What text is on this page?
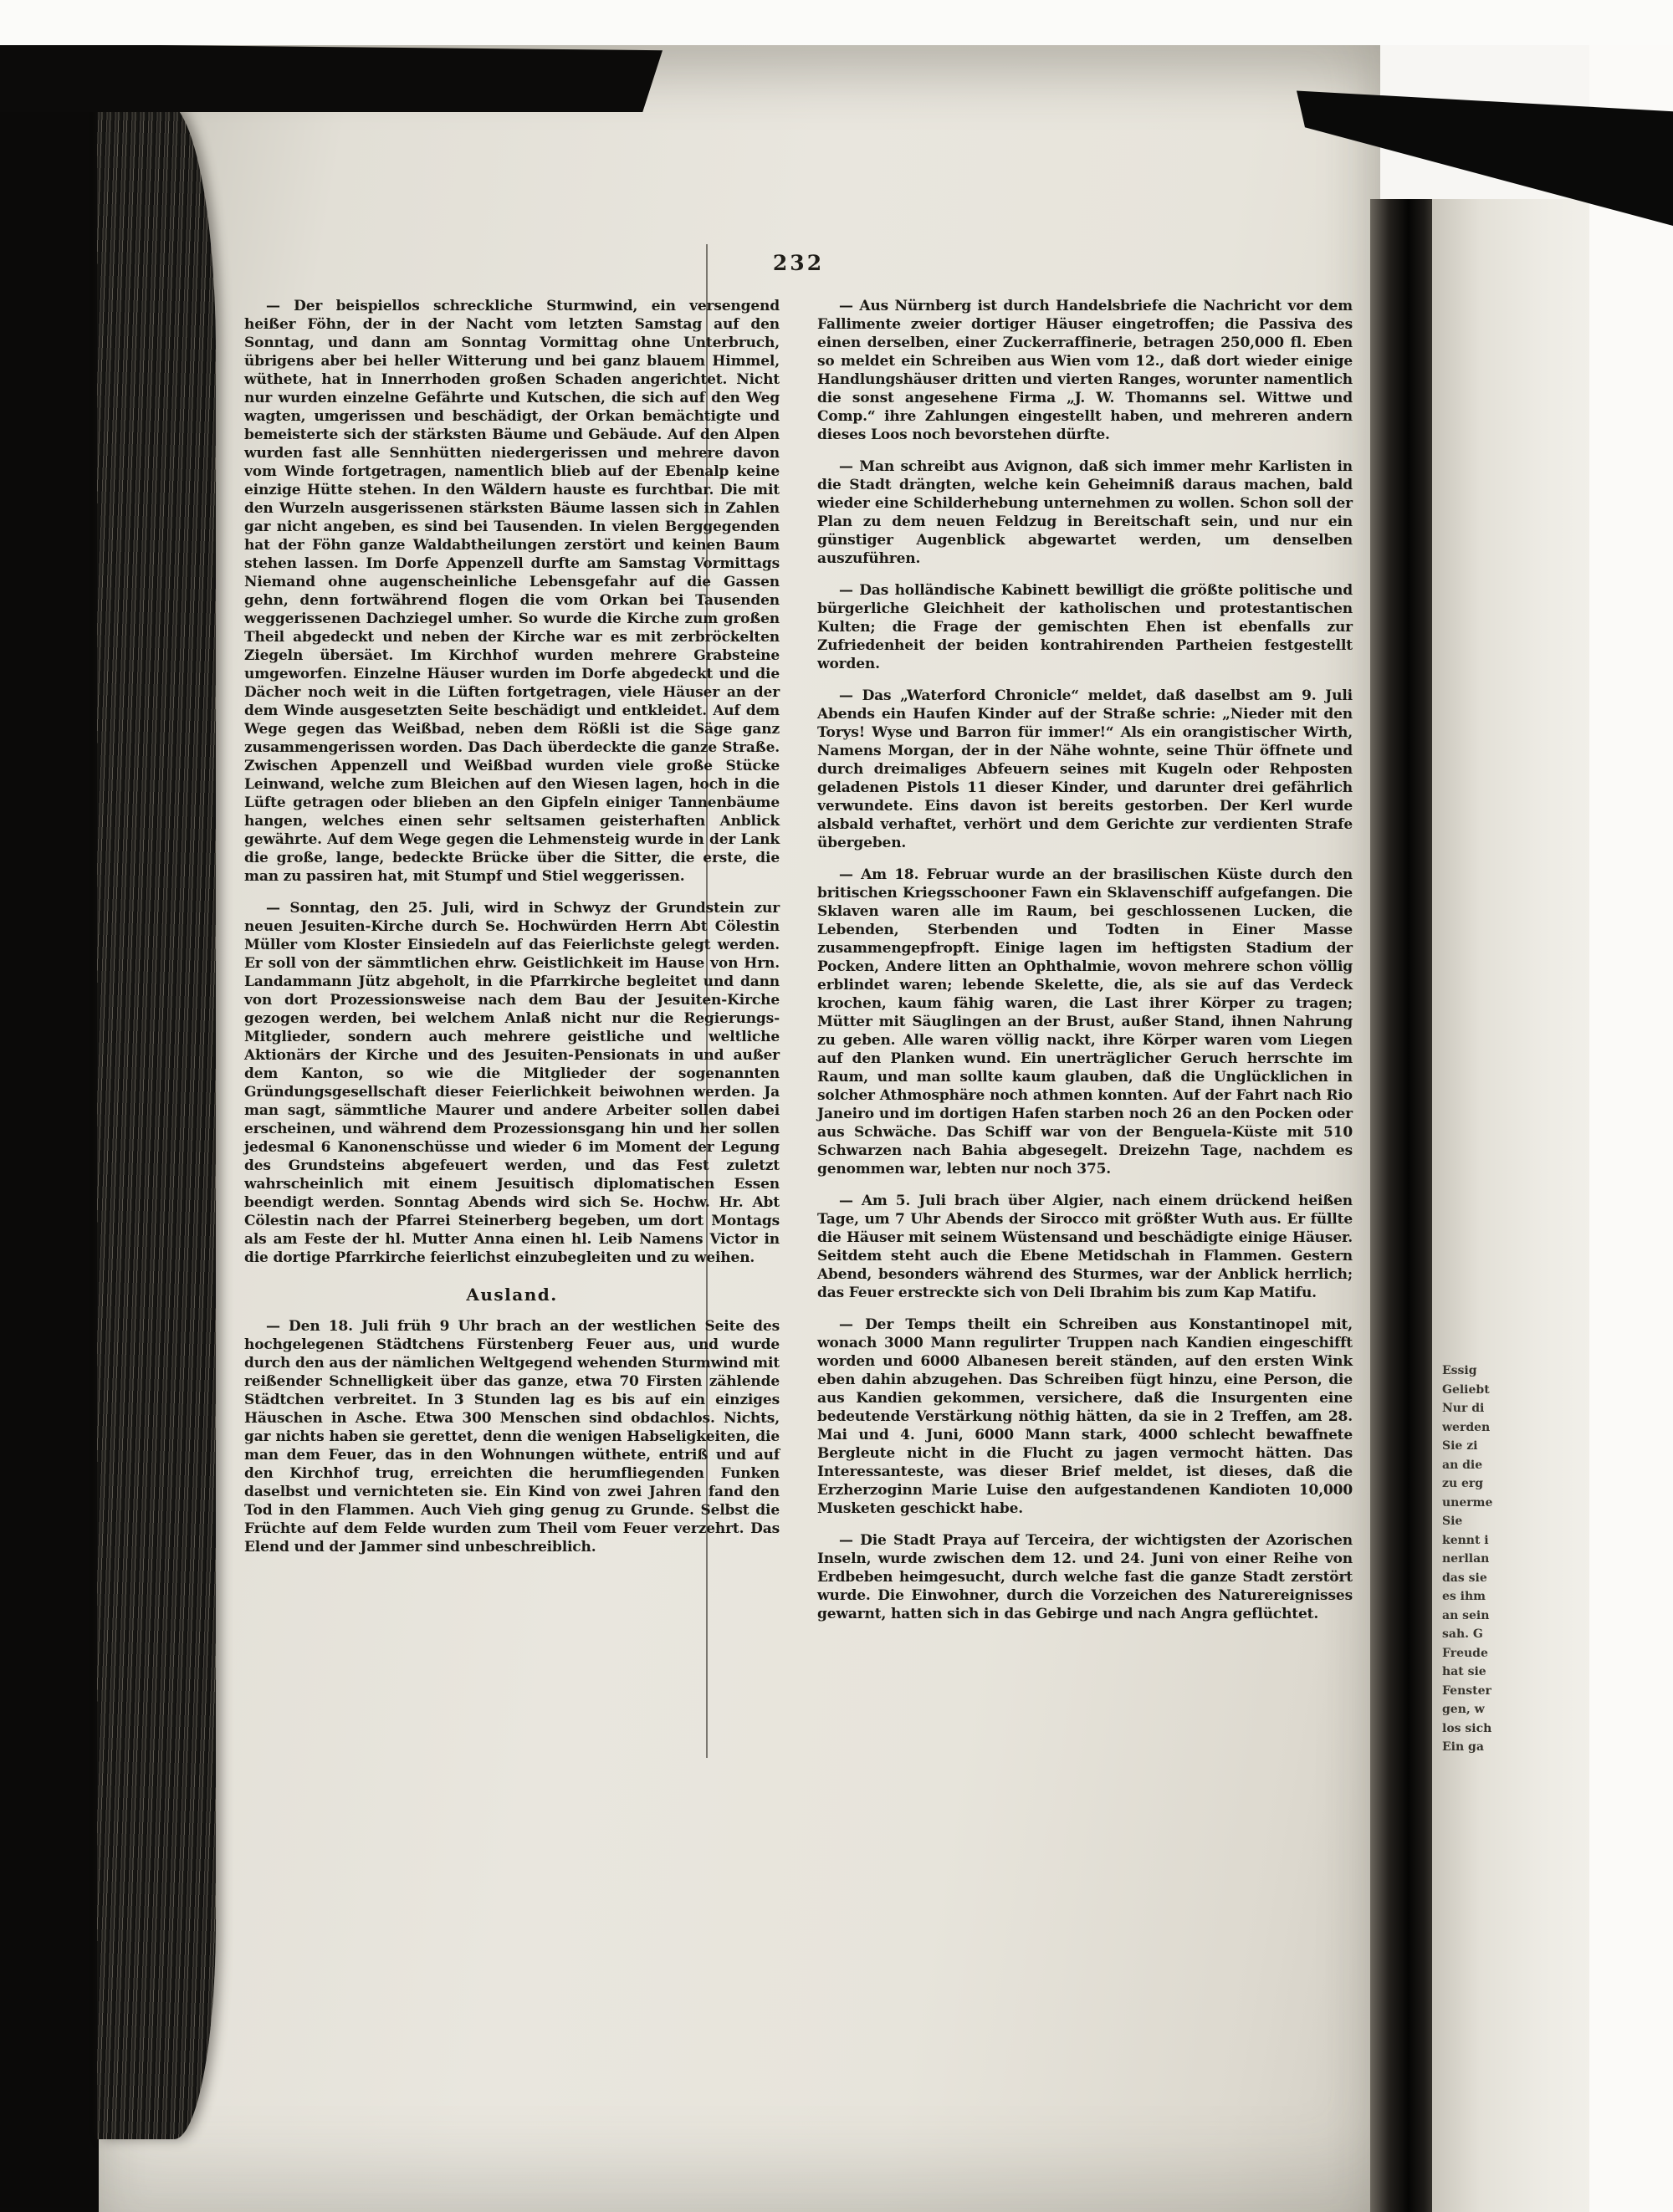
232

— Der beispiellos schreckliche Sturmwind, ein versengend heißer Föhn, der in der Nacht vom letzten Samstag auf den Sonntag, und dann am Sonntag Vormittag ohne Unterbruch, übrigens aber bei heller Witterung und bei ganz blauem Himmel, wüthete, hat in Innerrhoden großen Schaden angerichtet. Nicht nur wurden einzelne Gefährte und Kutschen, die sich auf den Weg wagten, umgerissen und beschädigt, der Orkan bemächtigte und bemeisterte sich der stärksten Bäume und Gebäude. Auf den Alpen wurden fast alle Sennhütten niedergerissen und mehrere davon vom Winde fortgetragen, namentlich blieb auf der Ebenalp keine einzige Hütte stehen. In den Wäldern hauste es furchtbar. Die mit den Wurzeln ausgerissenen stärksten Bäume lassen sich in Zahlen gar nicht angeben, es sind bei Tausenden. In vielen Berggegenden hat der Föhn ganze Waldabtheilungen zerstört und keinen Baum stehen lassen. Im Dorfe Appenzell durfte am Samstag Vormittags Niemand ohne augenscheinliche Lebensgefahr auf die Gassen gehn, denn fortwährend flogen die vom Orkan bei Tausenden weggerissenen Dachziegel umher. So wurde die Kirche zum großen Theil abgedeckt und neben der Kirche war es mit zerbröckelten Ziegeln übersäet. Im Kirchhof wurden mehrere Grabsteine umgeworfen. Einzelne Häuser wurden im Dorfe abgedeckt und die Dächer noch weit in die Lüften fortgetragen, viele Häuser an der dem Winde ausgesetzten Seite beschädigt und entkleidet. Auf dem Wege gegen das Weißbad, neben dem Rößli ist die Säge ganz zusammengerissen worden. Das Dach überdeckte die ganze Straße. Zwischen Appenzell und Weißbad wurden viele große Stücke Leinwand, welche zum Bleichen auf den Wiesen lagen, hoch in die Lüfte getragen oder blieben an den Gipfeln einiger Tannenbäume hangen, welches einen sehr seltsamen geisterhaften Anblick gewährte. Auf dem Wege gegen die Lehmensteig wurde in der Lank die große, lange, bedeckte Brücke über die Sitter, die erste, die man zu passiren hat, mit Stumpf und Stiel weggerissen.

— Sonntag, den 25. Juli, wird in Schwyz der Grundstein zur neuen Jesuiten-Kirche durch Se. Hochwürden Herrn Abt Cölestin Müller vom Kloster Einsiedeln auf das Feierlichste gelegt werden. Er soll von der sämmtlichen ehrw. Geistlichkeit im Hause von Hrn. Landammann Jütz abgeholt, in die Pfarrkirche begleitet und dann von dort Prozessionsweise nach dem Bau der Jesuiten-Kirche gezogen werden, bei welchem Anlaß nicht nur die Regierungs-Mitglieder, sondern auch mehrere geistliche und weltliche Aktionärs der Kirche und des Jesuiten-Pensionats in und außer dem Kanton, so wie die Mitglieder der sogenannten Gründungsgesellschaft dieser Feierlichkeit beiwohnen werden. Ja man sagt, sämmtliche Maurer und andere Arbeiter sollen dabei erscheinen, und während dem Prozessionsgang hin und her sollen jedesmal 6 Kanonenschüsse und wieder 6 im Moment der Legung des Grundsteins abgefeuert werden, und das Fest zuletzt wahrscheinlich mit einem Jesuitisch diplomatischen Essen beendigt werden. Sonntag Abends wird sich Se. Hochw. Hr. Abt Cölestin nach der Pfarrei Steinerberg begeben, um dort Montags als am Feste der hl. Mutter Anna einen hl. Leib Namens Victor in die dortige Pfarrkirche feierlichst einzubegleiten und zu weihen.

Ausland.

— Den 18. Juli früh 9 Uhr brach an der westlichen Seite des hochgelegenen Städtchens Fürstenberg Feuer aus, und wurde durch den aus der nämlichen Weltgegend wehenden Sturmwind mit reißender Schnelligkeit über das ganze, etwa 70 Firsten zählende Städtchen verbreitet. In 3 Stunden lag es bis auf ein einziges Häuschen in Asche. Etwa 300 Menschen sind obdachlos. Nichts, gar nichts haben sie gerettet, denn die wenigen Habseligkeiten, die man dem Feuer, das in den Wohnungen wüthete, entriß und auf den Kirchhof trug, erreichten die herumfliegenden Funken daselbst und vernichteten sie. Ein Kind von zwei Jahren fand den Tod in den Flammen. Auch Vieh ging genug zu Grunde. Selbst die Früchte auf dem Felde wurden zum Theil vom Feuer verzehrt. Das Elend und der Jammer sind unbeschreiblich.

— Aus Nürnberg ist durch Handelsbriefe die Nachricht vor dem Fallimente zweier dortiger Häuser eingetroffen; die Passiva des einen derselben, einer Zuckerraffinerie, betragen 250,000 fl. Eben so meldet ein Schreiben aus Wien vom 12., daß dort wieder einige Handlungshäuser dritten und vierten Ranges, worunter namentlich die sonst angesehene Firma „J. W. Thomanns sel. Wittwe und Comp.“ ihre Zahlungen eingestellt haben, und mehreren andern dieses Loos noch bevorstehen dürfte.

— Man schreibt aus Avignon, daß sich immer mehr Karlisten in die Stadt drängten, welche kein Geheimniß daraus machen, bald wieder eine Schilderhebung unternehmen zu wollen. Schon soll der Plan zu dem neuen Feldzug in Bereitschaft sein, und nur ein günstiger Augenblick abgewartet werden, um denselben auszuführen.

— Das holländische Kabinett bewilligt die größte politische und bürgerliche Gleichheit der katholischen und protestantischen Kulten; die Frage der gemischten Ehen ist ebenfalls zur Zufriedenheit der beiden kontrahirenden Partheien festgestellt worden.

— Das „Waterford Chronicle“ meldet, daß daselbst am 9. Juli Abends ein Haufen Kinder auf der Straße schrie: „Nieder mit den Torys! Wyse und Barron für immer!“ Als ein orangistischer Wirth, Namens Morgan, der in der Nähe wohnte, seine Thür öffnete und durch dreimaliges Abfeuern seines mit Kugeln oder Rehposten geladenen Pistols 11 dieser Kinder, und darunter drei gefährlich verwundete. Eins davon ist bereits gestorben. Der Kerl wurde alsbald verhaftet, verhört und dem Gerichte zur verdienten Strafe übergeben.

— Am 18. Februar wurde an der brasilischen Küste durch den britischen Kriegsschooner Fawn ein Sklavenschiff aufgefangen. Die Sklaven waren alle im Raum, bei geschlossenen Lucken, die Lebenden, Sterbenden und Todten in Einer Masse zusammengepfropft. Einige lagen im heftigsten Stadium der Pocken, Andere litten an Ophthalmie, wovon mehrere schon völlig erblindet waren; lebende Skelette, die, als sie auf das Verdeck krochen, kaum fähig waren, die Last ihrer Körper zu tragen; Mütter mit Säuglingen an der Brust, außer Stand, ihnen Nahrung zu geben. Alle waren völlig nackt, ihre Körper waren vom Liegen auf den Planken wund. Ein unerträglicher Geruch herrschte im Raum, und man sollte kaum glauben, daß die Unglücklichen in solcher Athmosphäre noch athmen konnten. Auf der Fahrt nach Rio Janeiro und im dortigen Hafen starben noch 26 an den Pocken oder aus Schwäche. Das Schiff war von der Benguela-Küste mit 510 Schwarzen nach Bahia abgesegelt. Dreizehn Tage, nachdem es genommen war, lebten nur noch 375.

— Am 5. Juli brach über Algier, nach einem drückend heißen Tage, um 7 Uhr Abends der Sirocco mit größter Wuth aus. Er füllte die Häuser mit seinem Wüstensand und beschädigte einige Häuser. Seitdem steht auch die Ebene Metidschah in Flammen. Gestern Abend, besonders während des Sturmes, war der Anblick herrlich; das Feuer erstreckte sich von Deli Ibrahim bis zum Kap Matifu.

— Der Temps theilt ein Schreiben aus Konstantinopel mit, wonach 3000 Mann regulirter Truppen nach Kandien eingeschifft worden und 6000 Albanesen bereit ständen, auf den ersten Wink eben dahin abzugehen. Das Schreiben fügt hinzu, eine Person, die aus Kandien gekommen, versichere, daß die Insurgenten eine bedeutende Verstärkung nöthig hätten, da sie in 2 Treffen, am 28. Mai und 4. Juni, 6000 Mann stark, 4000 schlecht bewaffnete Bergleute nicht in die Flucht zu jagen vermocht hätten. Das Interessanteste, was dieser Brief meldet, ist dieses, daß die Erzherzoginn Marie Luise den aufgestandenen Kandioten 10,000 Musketen geschickt habe.

— Die Stadt Praya auf Terceira, der wichtigsten der Azorischen Inseln, wurde zwischen dem 12. und 24. Juni von einer Reihe von Erdbeben heimgesucht, durch welche fast die ganze Stadt zerstört wurde. Die Einwohner, durch die Vorzeichen des Naturereignisses gewarnt, hatten sich in das Gebirge und nach Angra geflüchtet.

Essig
Geliebt
Nur di
werden
Sie zi
an die
zu erg
unerme
Sie
kennt i
nerllan
das sie
es ihm
an sein
sah. G
Freude
hat sie
Fenster
gen, w
los sich
Ein ga
